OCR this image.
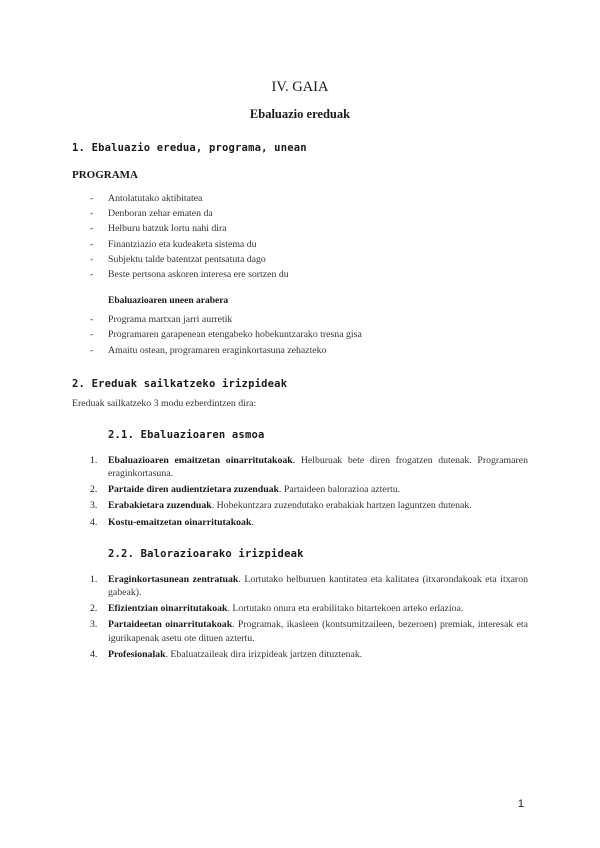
IV. GAIA

Ebaluazio ereduak

1. Ebaluazio eredua, programa, unean

PROGRAMA

- Antolatutako aktibitatea
- Denboran zehar ematen da
- Helburu batzuk lortu nahi dira
- Finantziazio eta kudeaketa sistema du
- Subjektu talde batentzat pentsatuta dago
- Beste pertsona askoren interesa ere sortzen du

Ebaluazioaren uneen arabera

- Programa martxan jarri aurretik
- Programaren garapenean etengabeko hobekuntzarako tresna gisa
- Amaitu ostean, programaren eraginkortasuna zehazteko

2. Ereduak sailkatzeko irizpideak

Ereduak sailkatzeko 3 modu ezberdintzen dira:

2.1. Ebaluazioaren asmoa

1. Ebaluazioaren emaitzetan oinarritutakoak. Helburuak bete diren frogatzen dutenak. Programaren eraginkortasuna.
2. Partaide diren audientzietara zuzenduak. Partaideen balorazioa aztertu.
3. Erabakietara zuzenduak. Hobekuntzara zuzendutako erabakiak hartzen laguntzen dutenak.
4. Kostu-emaitzetan oinarritutakoak.

2.2. Balorazioarako irizpideak

1. Eraginkortasunean zentratuak. Lortutako helburuen kantitatea eta kalitatea (itxarondakoak eta itxaron gabeak).
2. Efizientzian oinarritutakoak. Lortutako onura eta erabilitako bitartekoen arteko erlazioa.
3. Partaideetan oinarritutakoak. Programak, ikasleen (kontsumitzaileen, bezeroen) premiak, interesak eta igurikapenak asetu ote dituen aztertu.
4. Profesionalak. Ebaluatzaileak dira irizpideak jartzen dituztenak.
1
